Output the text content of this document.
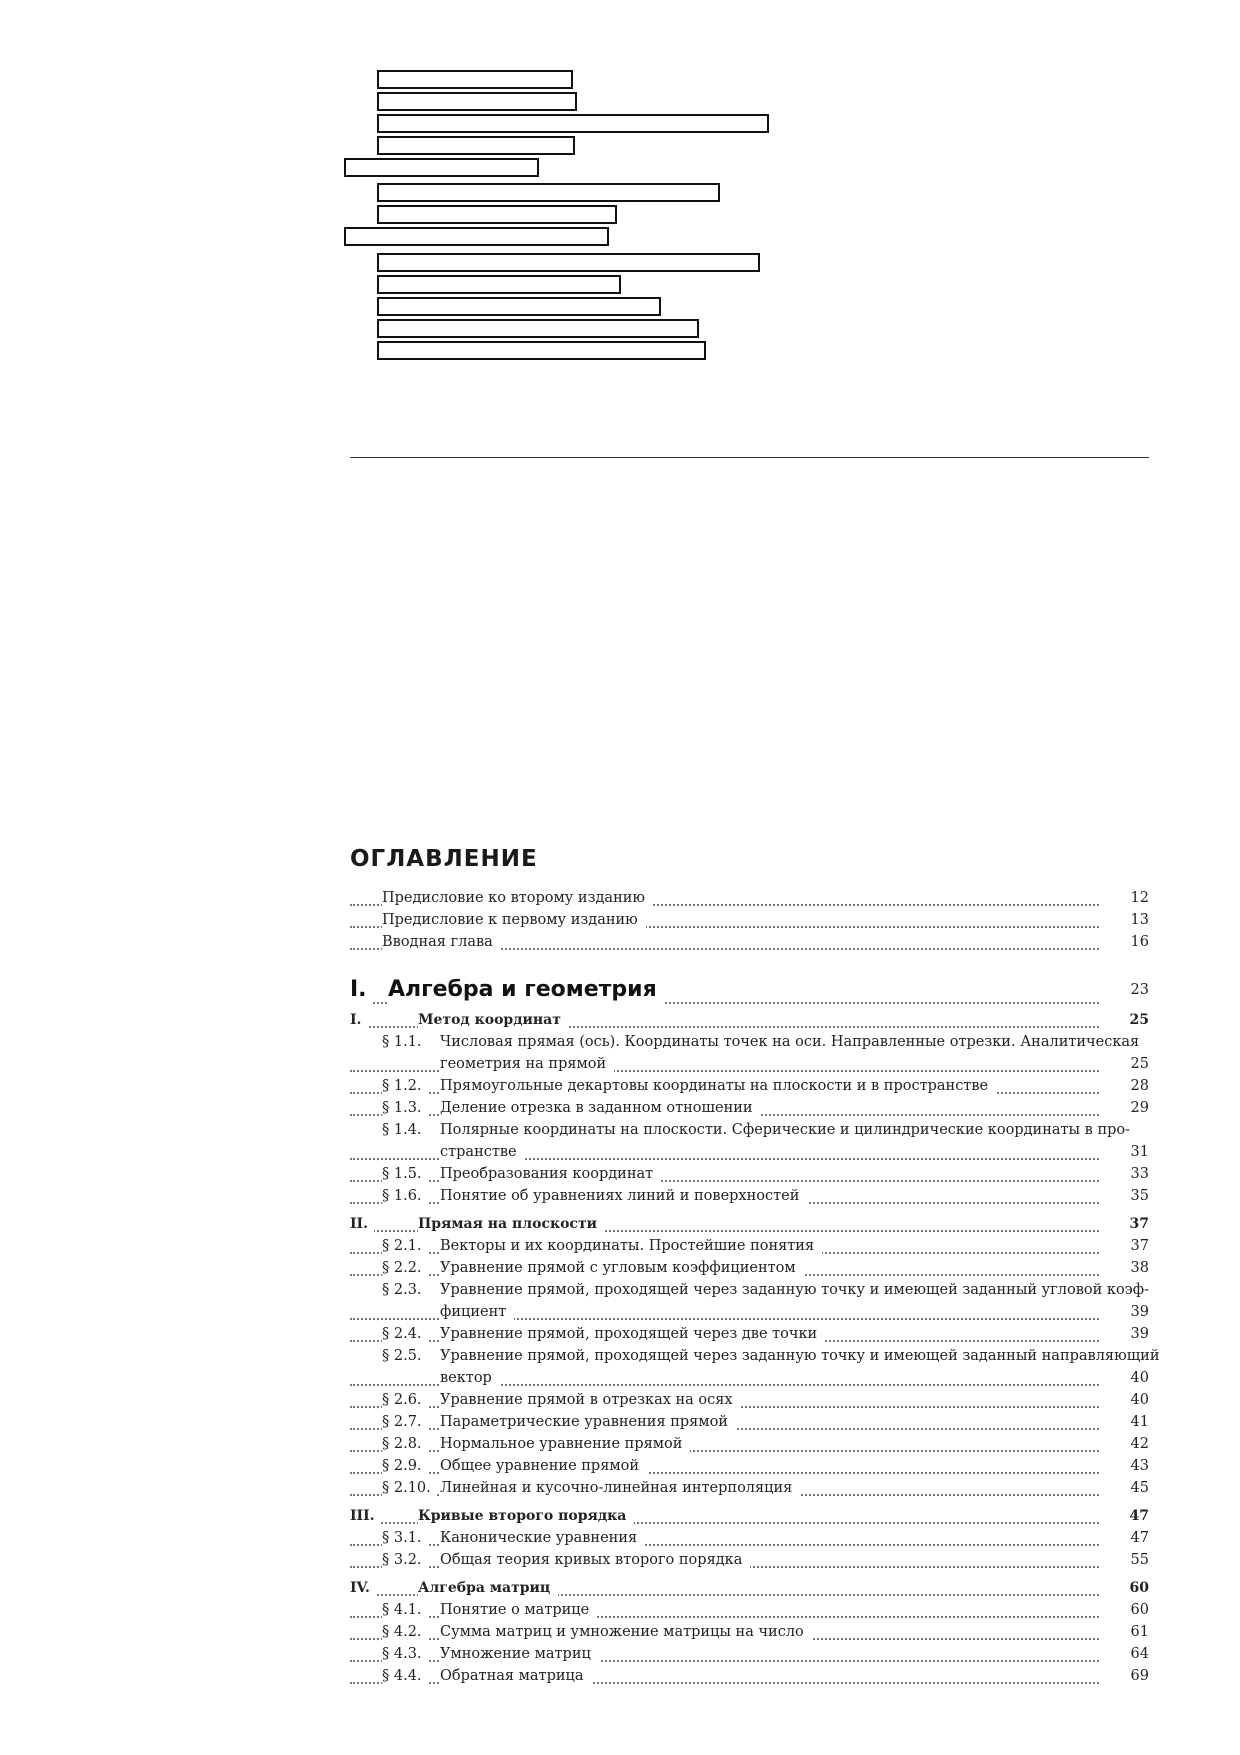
ОГЛАВЛЕНИЕ
Предисловие ко второму изданию	12
Предисловие к первому изданию	13
Вводная глава	16
I. Алгебра и геометрия	23
I.	Метод координат	25
§ 1.1.	Числовая прямая (ось). Координаты точек на оси. Направленные отрезки. Аналитическая
геометрия на прямой	25
§ 1.2.	Прямоугольные декартовы координаты на плоскости и в пространстве	28
§ 1.3.	Деление отрезка в заданном отношении	29
§ 1.4.	Полярные координаты на плоскости. Сферические и цилиндрические координаты в про-
странстве	31
§ 1.5.	Преобразования координат	33
§ 1.6.	Понятие об уравнениях линий и поверхностей	35
II.	Прямая на плоскости	37
§ 2.1.	Векторы и их координаты. Простейшие понятия	37
§ 2.2.	Уравнение прямой с угловым коэффициентом	38
§ 2.3.	Уравнение прямой, проходящей через заданную точку и имеющей заданный угловой коэф-
фициент	39
§ 2.4.	Уравнение прямой, проходящей через две точки	39
§ 2.5.	Уравнение прямой, проходящей через заданную точку и имеющей заданный направляющий
вектор	40
§ 2.6.	Уравнение прямой в отрезках на осях	40
§ 2.7.	Параметрические уравнения прямой	41
§ 2.8.	Нормальное уравнение прямой	42
§ 2.9.	Общее уравнение прямой	43
§ 2.10. Линейная и кусочно-линейная интерполяция	45
III.	Кривые второго порядка	47
§ 3.1.	Канонические уравнения	47
§ 3.2.	Общая теория кривых второго порядка	55
IV.	Алгебра матриц	60
§ 4.1.	Понятие о матрице	60
§ 4.2.	Сумма матриц и умножение матрицы на число	61
§ 4.3.	Умножение матриц	64
§ 4.4.	Обратная матрица	69
